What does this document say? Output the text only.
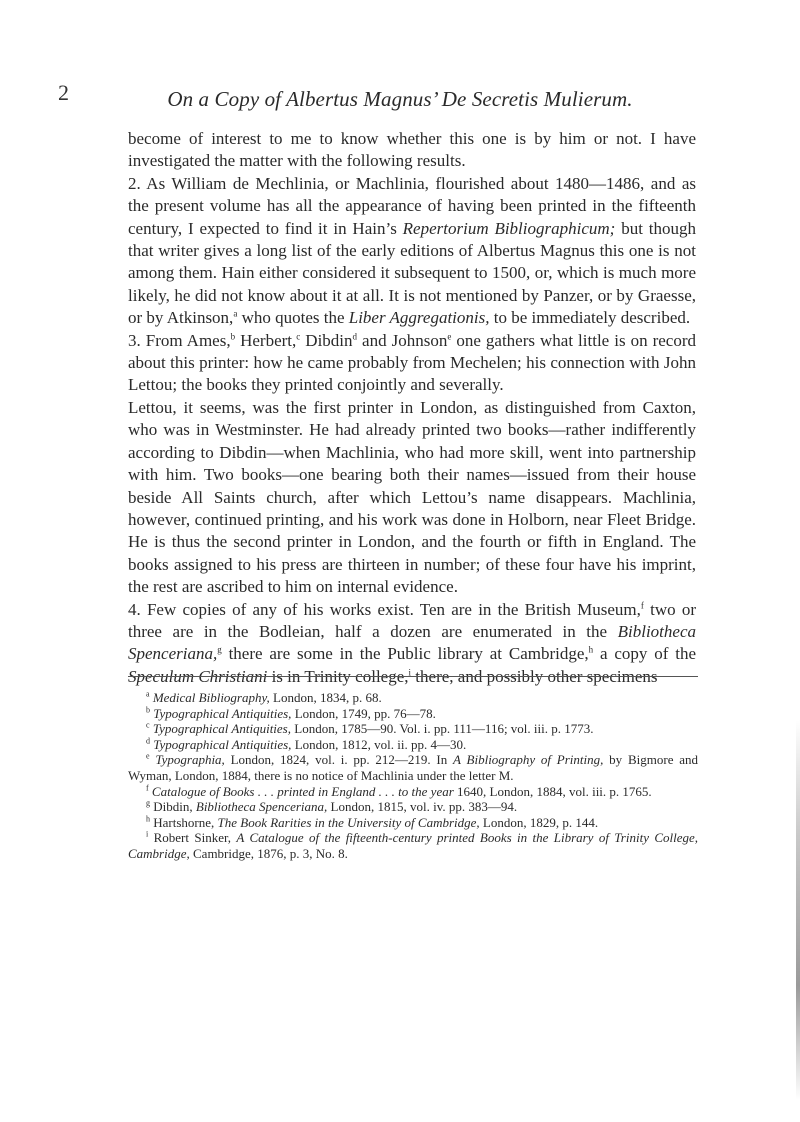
2	On a Copy of Albertus Magnus’ De Secretis Mulierum.

become of interest to me to know whether this one is by him or not. I have investigated the matter with the following results.

2. As William de Mechlinia, or Machlinia, flourished about 1480—1486, and as the present volume has all the appearance of having been printed in the fifteenth century, I expected to find it in Hain’s Repertorium Bibliographicum; but though that writer gives a long list of the early editions of Albertus Magnus this one is not among them. Hain either considered it subsequent to 1500, or, which is much more likely, he did not know about it at all. It is not mentioned by Panzer, or by Graesse, or by Atkinson,$^a$ who quotes the Liber Aggregationis, to be immediately described.

3. From Ames,$^b$ Herbert,$^c$ Dibdin$^d$ and Johnson$^e$ one gathers what little is on record about this printer: how he came probably from Mechelen; his connection with John Lettou; the books they printed conjointly and severally.

Lettou, it seems, was the first printer in London, as distinguished from Caxton, who was in Westminster. He had already printed two books—rather indifferently according to Dibdin—when Machlinia, who had more skill, went into partnership with him. Two books—one bearing both their names—issued from their house beside All Saints church, after which Lettou’s name disappears. Machlinia, however, continued printing, and his work was done in Holborn, near Fleet Bridge. He is thus the second printer in London, and the fourth or fifth in England. The books assigned to his press are thirteen in number; of these four have his imprint, the rest are ascribed to him on internal evidence.

4. Few copies of any of his works exist. Ten are in the British Museum,$^f$ two or three are in the Bodleian, half a dozen are enumerated in the Bibliotheca Spenceriana,$^g$ there are some in the Public library at Cambridge,$^h$ a copy of the Speculum Christiani is in Trinity college,$^i$ there, and possibly other specimens

$^a$ Medical Bibliography, London, 1834, p. 68.

$^b$ Typographical Antiquities, London, 1749, pp. 76—78.

$^c$ Typographical Antiquities, London, 1785—90. Vol. i. pp. 111—116; vol. iii. p. 1773.

$^d$ Typographical Antiquities, London, 1812, vol. ii. pp. 4—30.

$^e$ Typographia, London, 1824, vol. i. pp. 212—219. In A Bibliography of Printing, by Bigmore and Wyman, London, 1884, there is no notice of Machlinia under the letter M.

$^f$ Catalogue of Books . . . printed in England . . . to the year 1640, London, 1884, vol. iii. p. 1765.

$^g$ Dibdin, Bibliotheca Spenceriana, London, 1815, vol. iv. pp. 383—94.

$^h$ Hartshorne, The Book Rarities in the University of Cambridge, London, 1829, p. 144.

$^i$ Robert Sinker, A Catalogue of the fifteenth-century printed Books in the Library of Trinity College, Cambridge, Cambridge, 1876, p. 3, No. 8.
